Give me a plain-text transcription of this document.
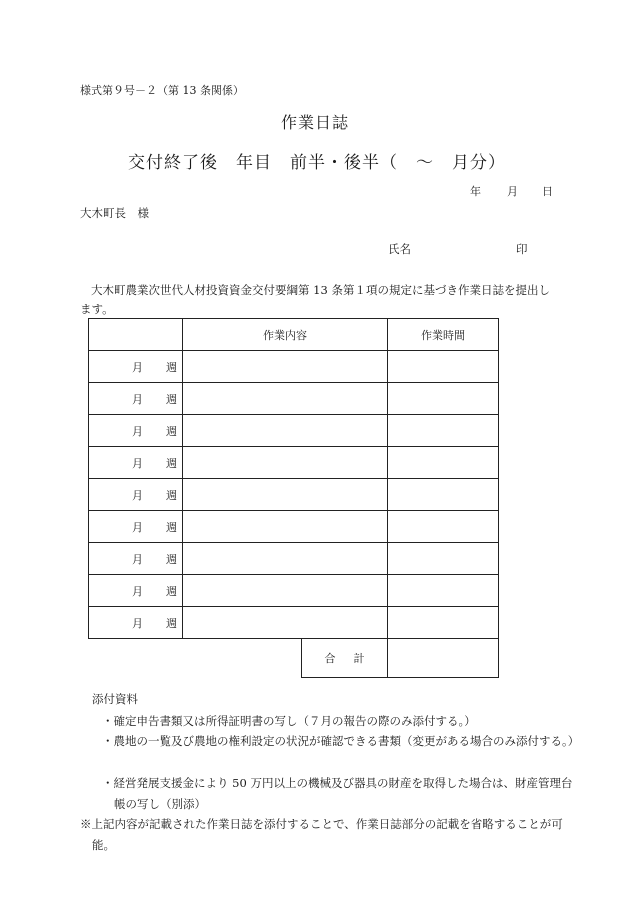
様式第９号－２（第 13 条関係）
作業日誌
交付終了後　年目　前半・後半（　～　月分）
年 月 日
大木町長　様
氏名	印
大木町農業次世代人材投資資金交付要綱第 13 条第１項の規定に基づき作業日誌を提出します。
	作業内容		作業時間

月 週			

月 週			

月 週			

月 週			

月 週			

月 週			

月 週			

月 週			

月 週			

		合計	
添付資料
・確定申告書類又は所得証明書の写し（７月の報告の際のみ添付する。）
・農地の一覧及び農地の権利設定の状況が確認できる書類（変更がある場合のみ添付する。）
・経営発展支援金により 50 万円以上の機械及び器具の財産を取得した場合は、財産管理台帳の写し（別添）
※上記内容が記載された作業日誌を添付することで、作業日誌部分の記載を省略することが可能。
